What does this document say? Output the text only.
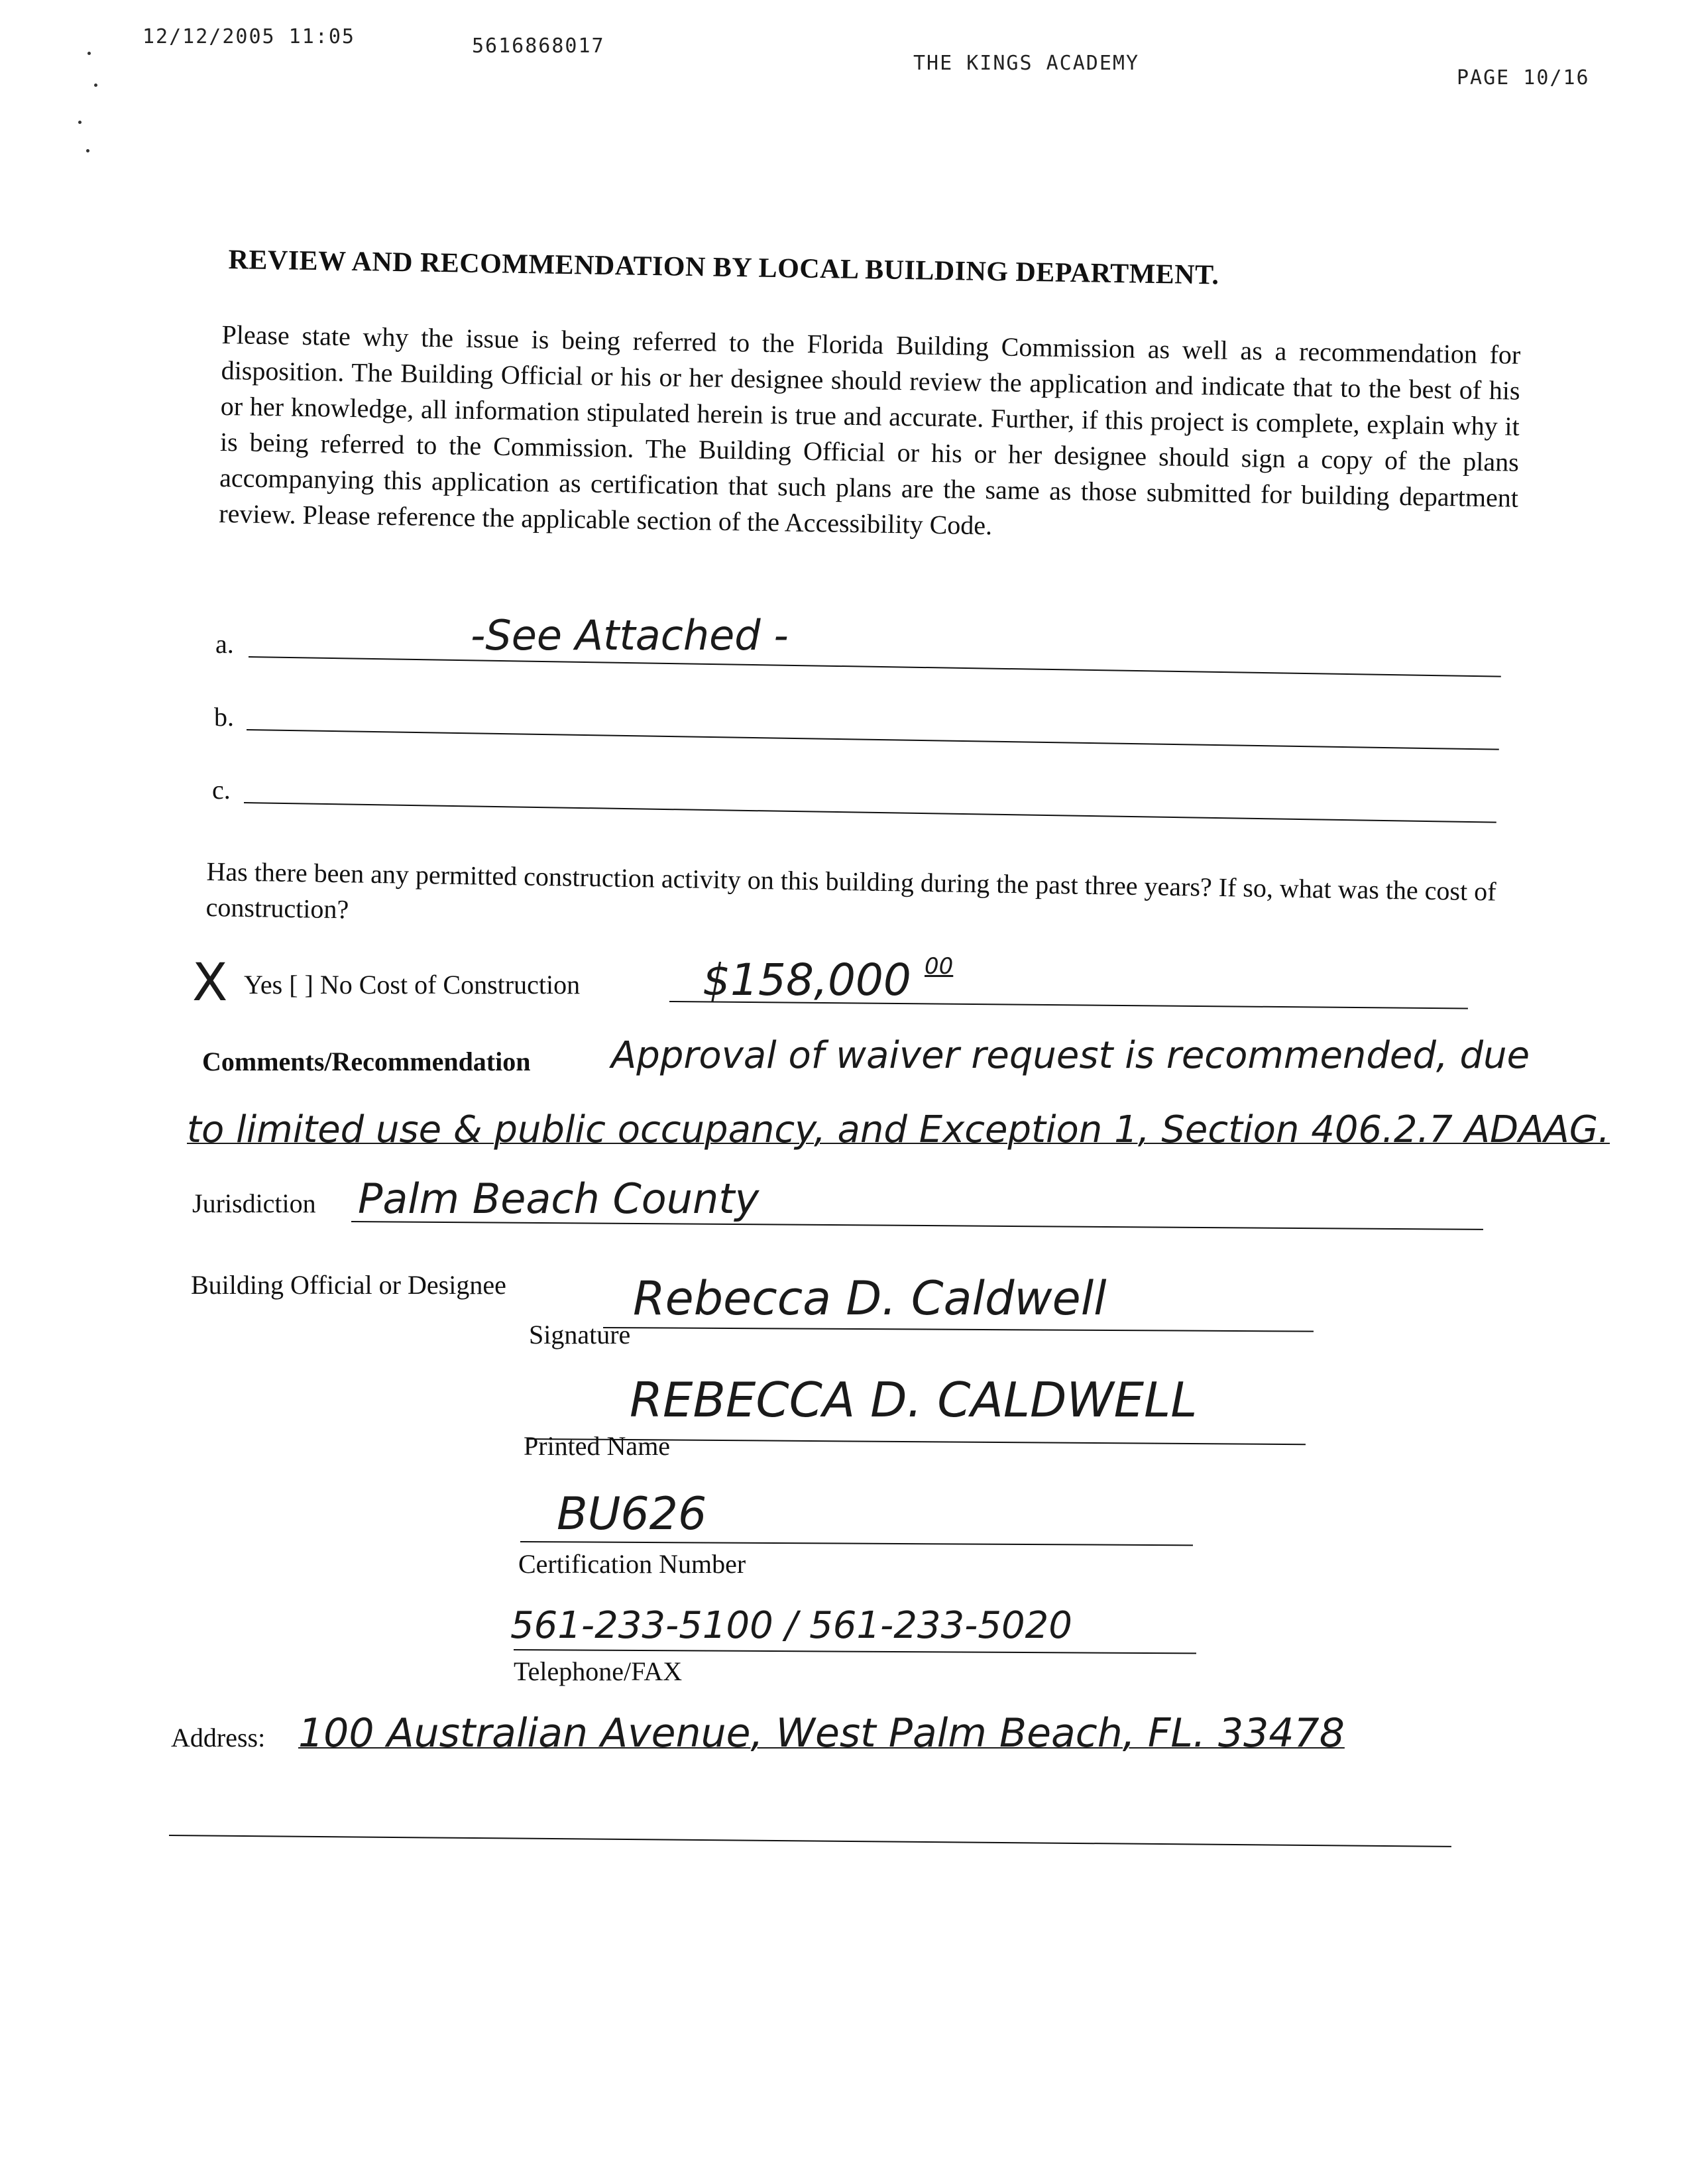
12/12/2005 11:05	5616868017
THE KINGS ACADEMY
PAGE 10/16
REVIEW AND RECOMMENDATION BY LOCAL BUILDING DEPARTMENT.
Please state why the issue is being referred to the Florida Building Commission as well as a recommendation for disposition. The Building Official or his or her designee should review the application and indicate that to the best of his or her knowledge, all information stipulated herein is true and accurate. Further, if this project is complete, explain why it is being referred to the Commission. The Building Official or his or her designee should sign a copy of the plans accompanying this application as certification that such plans are the same as those submitted for building department review. Please reference the applicable section of the Accessibility Code.
a.	-See Attached -
b.
c.
Has there been any permitted construction activity on this building during the past three years? If so, what was the cost of construction?
X Yes [ ] No Cost of Construction	$158,000 00
Comments/Recommendation Approval of waiver request is recommended, due
to limited use & public occupancy, and Exception 1, Section 406.2.7 ADAAG.
Jurisdiction Palm Beach County
Building Official or Designee	Rebecca D. Caldwell
Signature
REBECCA D. CALDWELL
Printed Name
BU626
Certification Number
561-233-5100 / 561-233-5020
Telephone/FAX
Address: 100 Australian Avenue, West Palm Beach, FL. 33478
